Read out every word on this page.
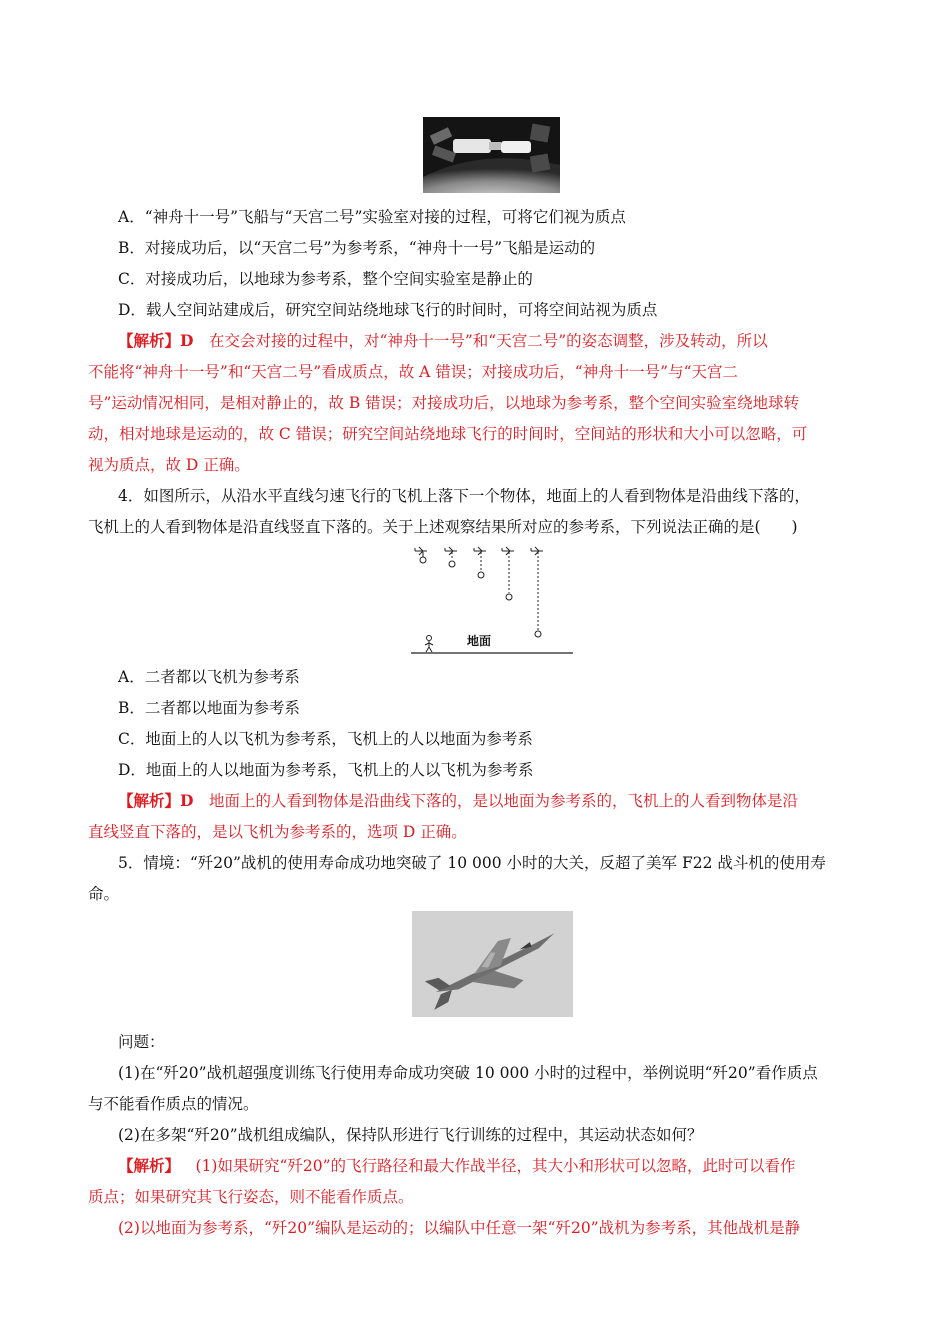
A．“神舟十一号”飞船与“天宫二号”实验室对接的过程，可将它们视为质点
B．对接成功后，以“天宫二号”为参考系，“神舟十一号”飞船是运动的
C．对接成功后，以地球为参考系，整个空间实验室是静止的
D．载人空间站建成后，研究空间站绕地球飞行的时间时，可将空间站视为质点
【解析】D  在交会对接的过程中，对“神舟十一号”和“天宫二号”的姿态调整，涉及转动，所以
不能将“神舟十一号”和“天宫二号”看成质点，故 A 错误；对接成功后，“神舟十一号”与“天宫二
号”运动情况相同，是相对静止的，故 B 错误；对接成功后，以地球为参考系，整个空间实验室绕地球转
动，相对地球是运动的，故 C 错误；研究空间站绕地球飞行的时间时，空间站的形状和大小可以忽略，可
视为质点，故 D 正确。
4．如图所示，从沿水平直线匀速飞行的飞机上落下一个物体，地面上的人看到物体是沿曲线下落的，
飞机上的人看到物体是沿直线竖直下落的。关于上述观察结果所对应的参考系，下列说法正确的是(　　)
地面
A．二者都以飞机为参考系
B．二者都以地面为参考系
C．地面上的人以飞机为参考系，飞机上的人以地面为参考系
D．地面上的人以地面为参考系，飞机上的人以飞机为参考系
【解析】D  地面上的人看到物体是沿曲线下落的，是以地面为参考系的，飞机上的人看到物体是沿
直线竖直下落的，是以飞机为参考系的，选项 D 正确。
5．情境：“歼20”战机的使用寿命成功地突破了 10 000 小时的大关，反超了美军 F22 战斗机的使用寿
命。
问题：
(1)在“歼20”战机超强度训练飞行使用寿命成功突破 10 000 小时的过程中，举例说明“歼20”看作质点
与不能看作质点的情况。
(2)在多架“歼20”战机组成编队，保持队形进行飞行训练的过程中，其运动状态如何？
【解析】  (1)如果研究“歼20”的飞行路径和最大作战半径，其大小和形状可以忽略，此时可以看作
质点；如果研究其飞行姿态，则不能看作质点。
(2)以地面为参考系，“歼20”编队是运动的；以编队中任意一架“歼20”战机为参考系，其他战机是静
